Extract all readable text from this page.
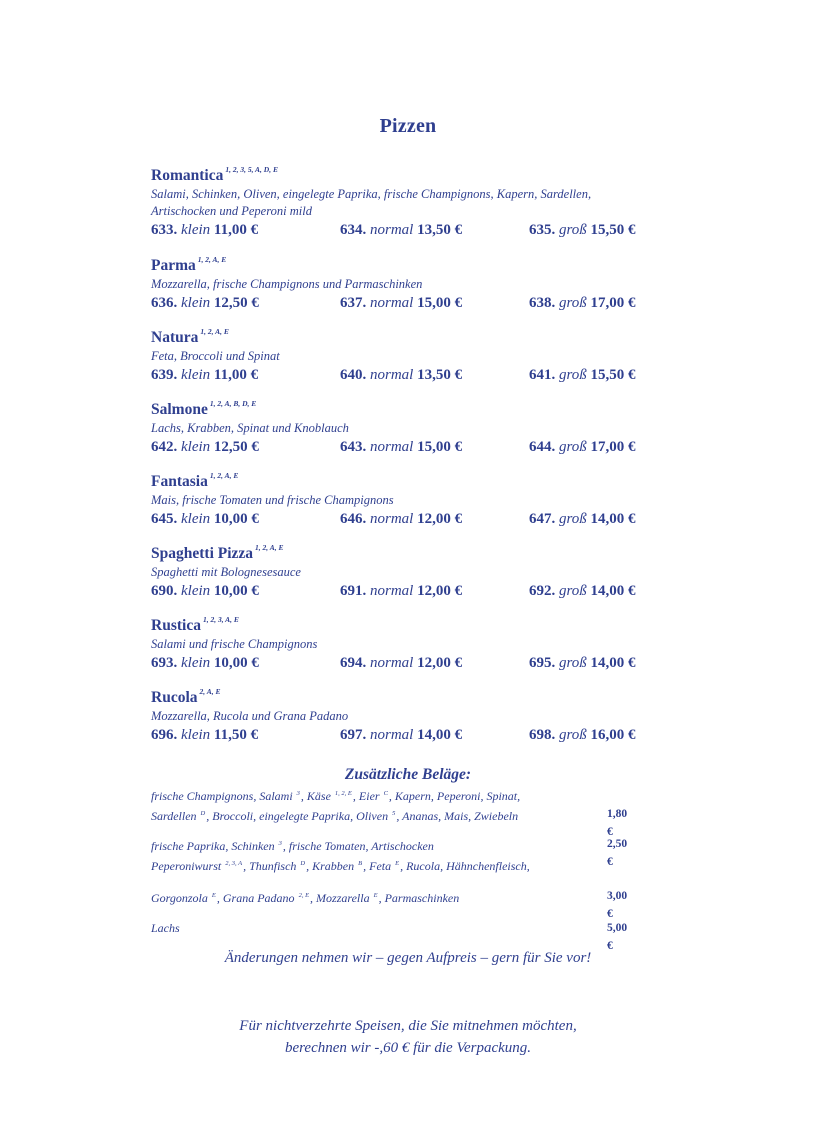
Pizzen
Romantica $^{1, 2, 3, 5, A, D, E}$
Salami, Schinken, Oliven, eingelegte Paprika, frische Champignons, Kapern, Sardellen, Artischocken und Peperoni mild
633. klein 11,00 €	634. normal 13,50 €	635. groß 15,50 €
Parma $^{1, 2, A, E}$
Mozzarella, frische Champignons und Parmaschinken
636. klein 12,50 €	637. normal 15,00 €	638. groß 17,00 €
Natura $^{1, 2, A, E}$
Feta, Broccoli und Spinat
639. klein 11,00 €	640. normal 13,50 €	641. groß 15,50 €
Salmone $^{1, 2, A, B, D, E}$
Lachs, Krabben, Spinat und Knoblauch
642. klein 12,50 €	643. normal 15,00 €	644. groß 17,00 €
Fantasia $^{1, 2, A, E}$
Mais, frische Tomaten und frische Champignons
645. klein 10,00 €	646. normal 12,00 €	647. groß 14,00 €
Spaghetti Pizza $^{1, 2, A, E}$
Spaghetti mit Bolognesesauce
690. klein 10,00 €	691. normal 12,00 €	692. groß 14,00 €
Rustica $^{1, 2, 3, A, E}$
Salami und frische Champignons
693. klein 10,00 €	694. normal 12,00 €	695. groß 14,00 €
Rucola $^{2, A, E}$
Mozzarella, Rucola und Grana Padano
696. klein 11,50 €	697. normal 14,00 €	698. groß 16,00 €
Zusätzliche Beläge:
frische Champignons, Salami $^3$, Käse $^{1, 2, E}$, Eier $^C$, Kapern, Peperoni, Spinat,
Sardellen $^D$, Broccoli, eingelegte Paprika, Oliven $^5$, Ananas, Mais, Zwiebeln	1,80 €
frische Paprika, Schinken $^3$, frische Tomaten, Artischocken	2,50 €
Peperoniwurst $^{2, 3, A}$, Thunfisch $^D$, Krabben $^B$, Feta $^E$, Rucola, Hähnchenfleisch,
Gorgonzola $^E$, Grana Padano $^{2, E}$, Mozzarella $^E$, Parmaschinken	3,00 €
Lachs	5,00 €
Änderungen nehmen wir – gegen Aufpreis – gern für Sie vor!
Für nichtverzehrte Speisen, die Sie mitnehmen möchten,
berechnen wir -,60 € für die Verpackung.
